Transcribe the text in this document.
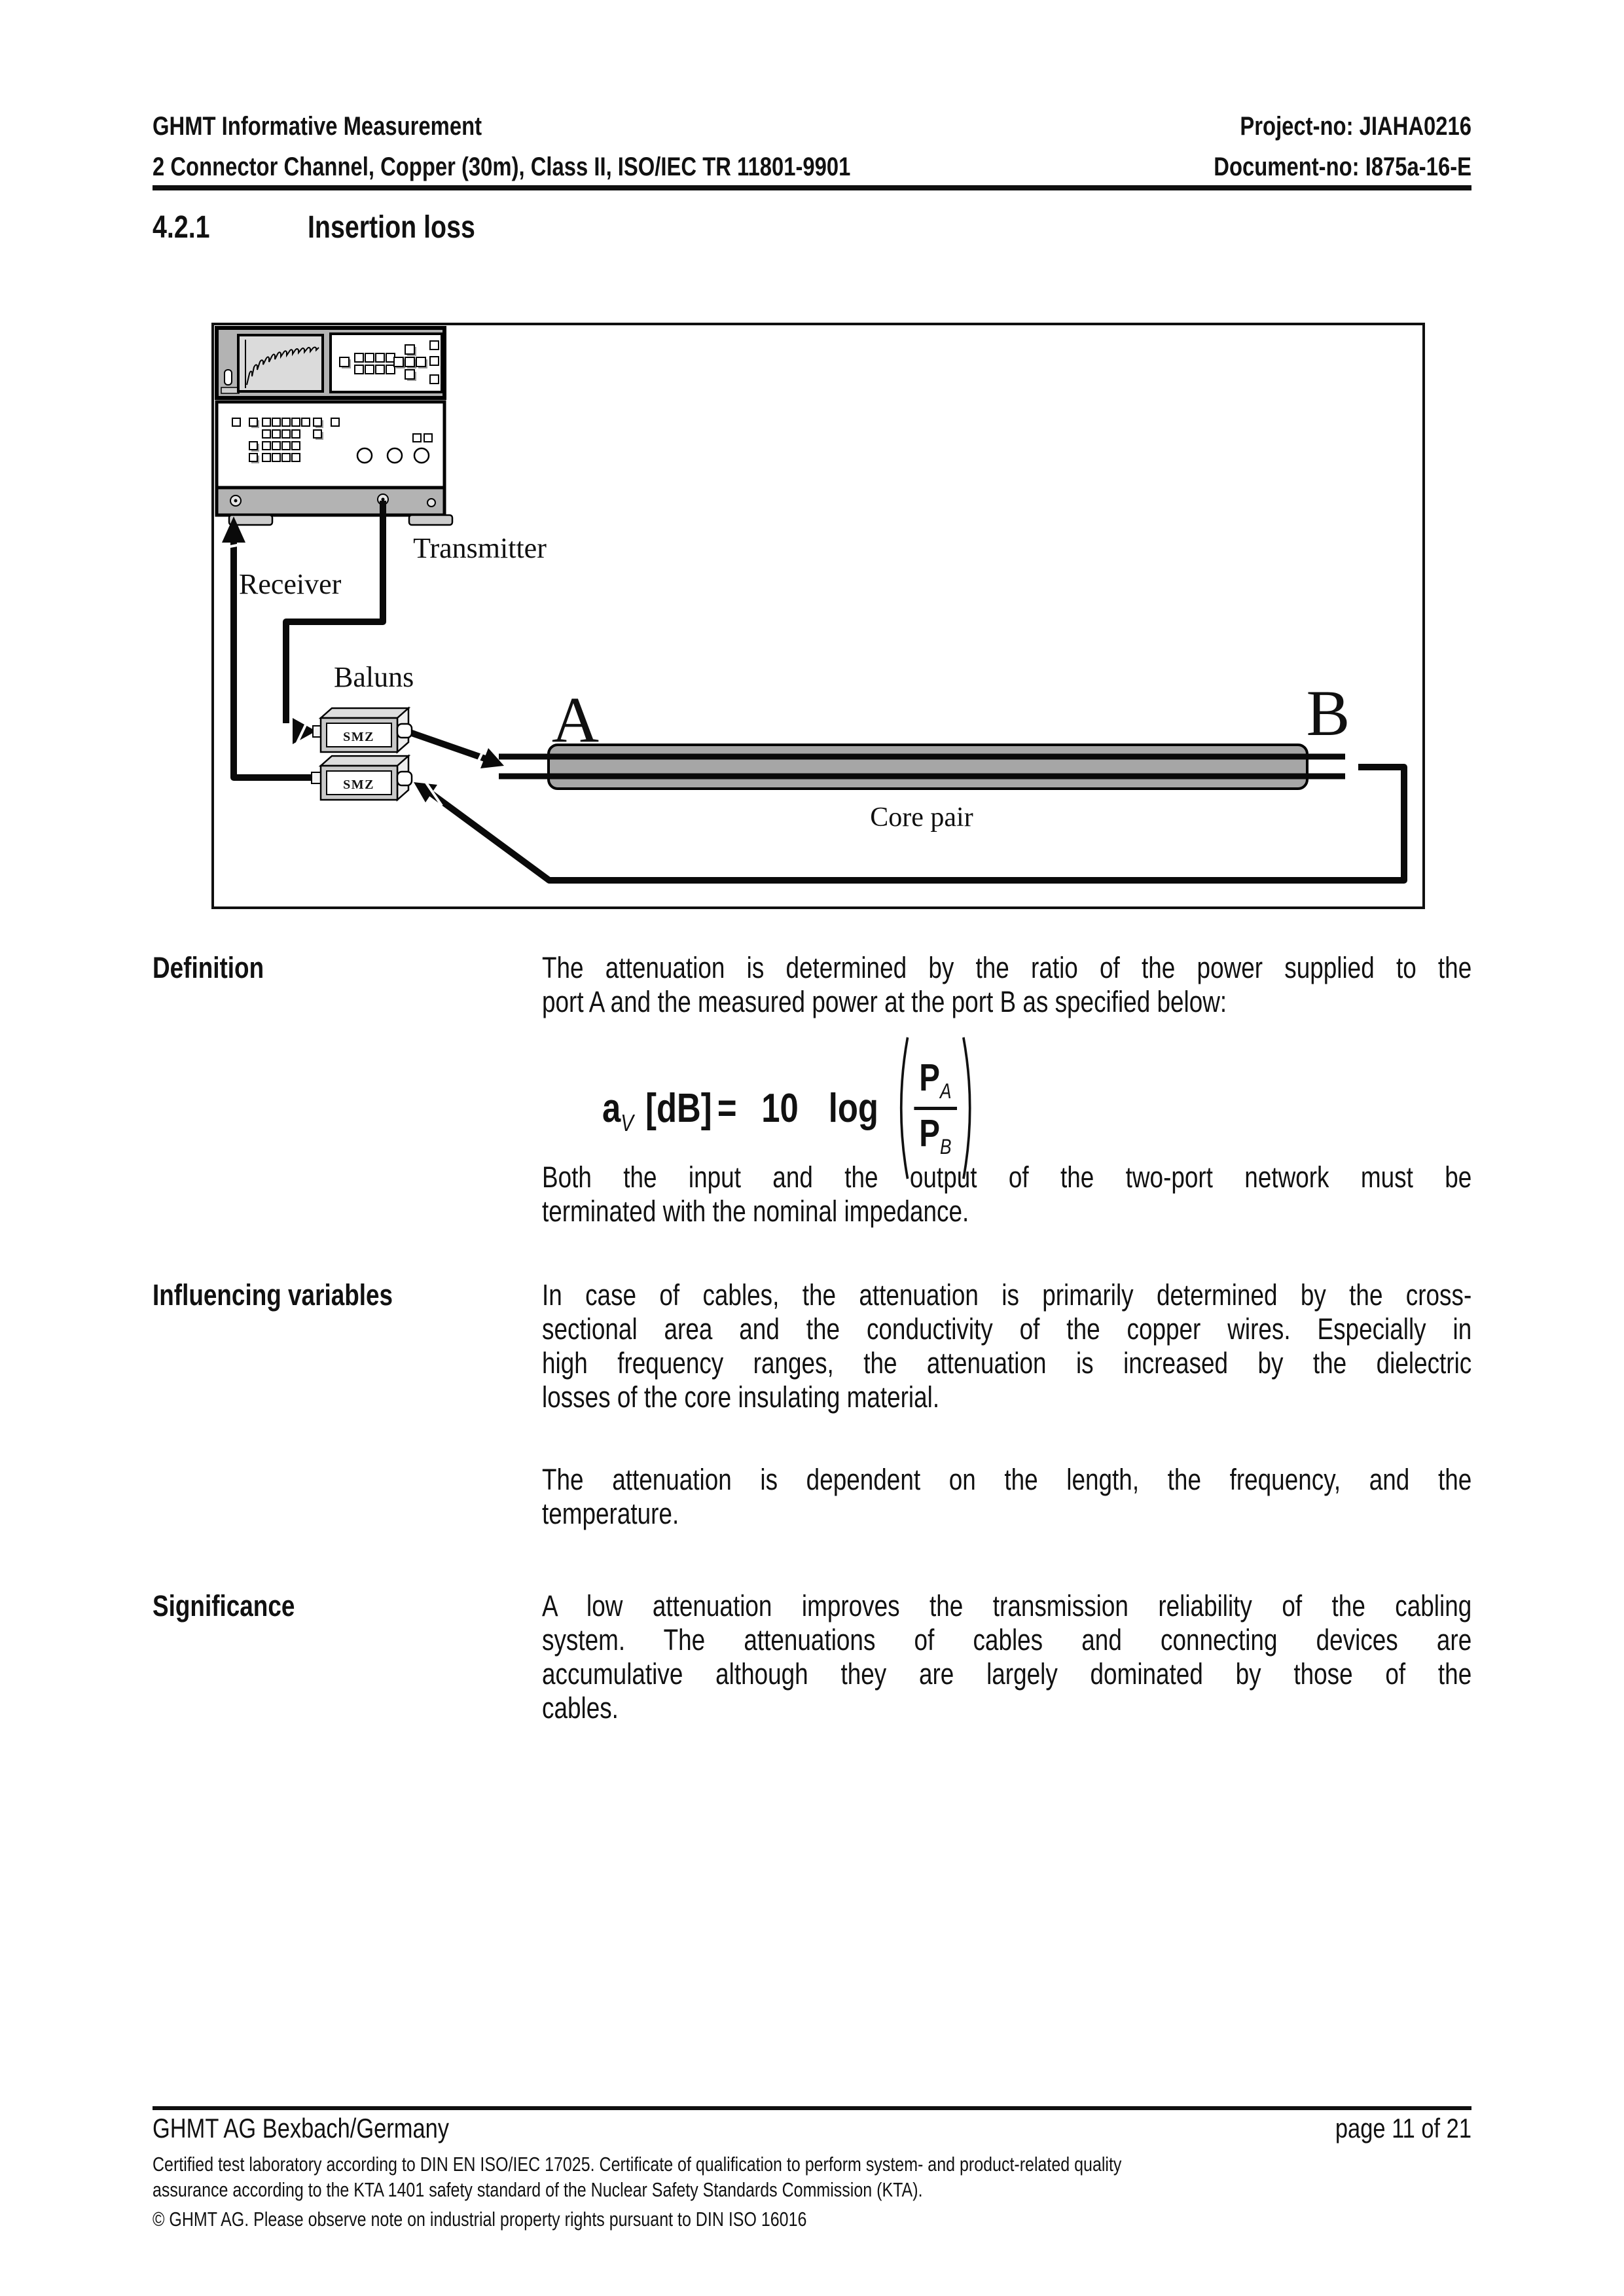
GHMT Informative Measurement
2 Connector Channel, Copper (30m), Class II, ISO/IEC TR 11801-9901
Project-no: JIAHA0216
Document-no: I875a-16-E
4.2.1	Insertion loss
SMZ
SMZ
Transmitter
Receiver
Baluns
A	B
Core pair
Definition	The attenuation is determined by the ratio of the power supplied to the
port A and the measured power at the port B as specified below:
aV [dB] = 10 log
PA
PB
Both the input and the output of the two-port network must be
terminated with the nominal impedance.
Influencing variables	In case of cables, the attenuation is primarily determined by the cross-
sectional area and the conductivity of the copper wires. Especially in
high frequency ranges, the attenuation is increased by the dielectric
losses of the core insulating material.
The attenuation is dependent on the length, the frequency, and the
temperature.
Significance	A low attenuation improves the transmission reliability of the cabling
system. The attenuations of cables and connecting devices are
accumulative although they are largely dominated by those of the
cables.
GHMT AG Bexbach/Germany	page 11 of 21
Certified test laboratory according to DIN EN ISO/IEC 17025. Certificate of qualification to perform system- and product-related quality
assurance according to the KTA 1401 safety standard of the Nuclear Safety Standards Commission (KTA).
© GHMT AG. Please observe note on industrial property rights pursuant to DIN ISO 16016
